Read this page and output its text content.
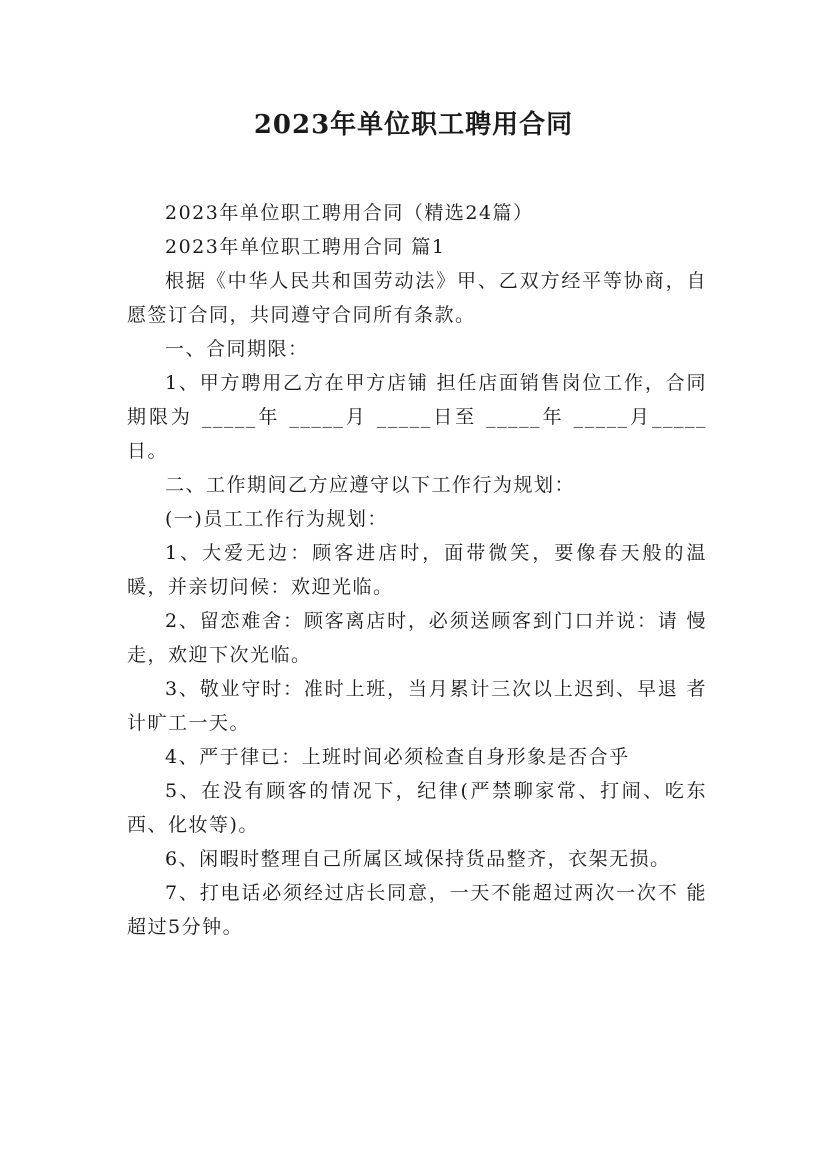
2023年单位职工聘用合同

2023年单位职工聘用合同（精选24篇）

2023年单位职工聘用合同 篇1

根据《中华人民共和国劳动法》甲、乙双方经平等协商，自愿签订合同，共同遵守合同所有条款。

一、合同期限：

1、甲方聘用乙方在甲方店铺 担任店面销售岗位工作，合同期限为 _____年 _____月 _____日至 _____年 _____月_____日。

二、工作期间乙方应遵守以下工作行为规划：

(一)员工工作行为规划：

1、大爱无边：顾客进店时，面带微笑，要像春天般的温暖，并亲切问候：欢迎光临。

2、留恋难舍：顾客离店时，必须送顾客到门口并说：请 慢走，欢迎下次光临。

3、敬业守时：准时上班，当月累计三次以上迟到、早退 者计旷工一天。

4、严于律已：上班时间必须检查自身形象是否合乎

5、在没有顾客的情况下，纪律(严禁聊家常、打闹、吃东西、化妆等)。

6、闲暇时整理自己所属区域保持货品整齐，衣架无损。

7、打电话必须经过店长同意，一天不能超过两次一次不 能超过5分钟。
